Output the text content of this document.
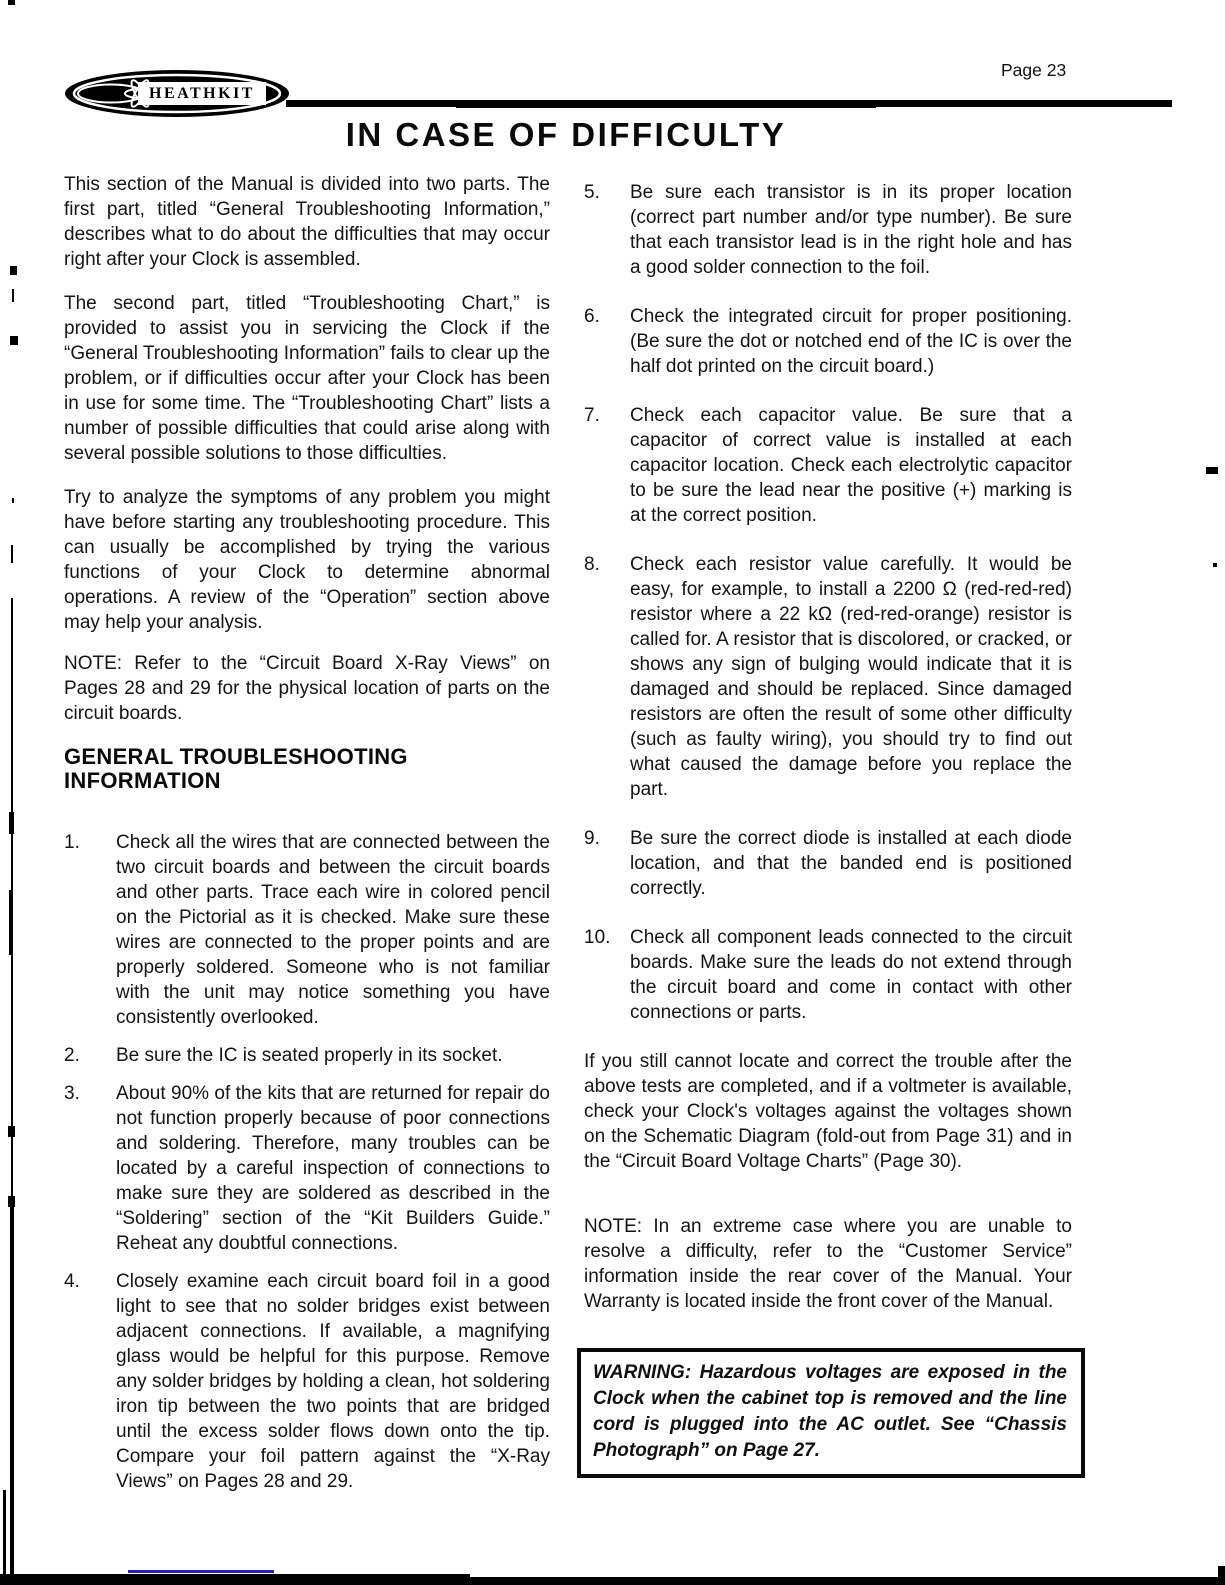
HEATHKIT
Page 23
IN CASE OF DIFFICULTY

This section of the Manual is divided into two parts. The first part, titled “General Troubleshooting Information,” describes what to do about the difficulties that may occur right after your Clock is assembled.

The second part, titled “Troubleshooting Chart,” is provided to assist you in servicing the Clock if the “General Troubleshooting Information” fails to clear up the problem, or if difficulties occur after your Clock has been in use for some time. The “Troubleshooting Chart” lists a number of possible difficulties that could arise along with several possible solutions to those difficulties.

Try to analyze the symptoms of any problem you might have before starting any troubleshooting procedure. This can usually be accomplished by trying the various functions of your Clock to determine abnormal operations. A review of the “Operation” section above may help your analysis.

NOTE: Refer to the “Circuit Board X-Ray Views” on Pages 28 and 29 for the physical location of parts on the circuit boards.

GENERAL TROUBLESHOOTING INFORMATION
1.	Check all the wires that are connected between the two circuit boards and between the circuit boards and other parts. Trace each wire in colored pencil on the Pictorial as it is checked. Make sure these wires are connected to the proper points and are properly soldered. Someone who is not familiar with the unit may notice something you have consistently overlooked.
2.	Be sure the IC is seated properly in its socket.
3.	About 90% of the kits that are returned for repair do not function properly because of poor connections and soldering. Therefore, many troubles can be located by a careful inspection of connections to make sure they are soldered as described in the “Soldering” section of the “Kit Builders Guide.” Reheat any doubtful connections.
4.	Closely examine each circuit board foil in a good light to see that no solder bridges exist between adjacent connections. If available, a magnifying glass would be helpful for this purpose. Remove any solder bridges by holding a clean, hot soldering iron tip between the two points that are bridged until the excess solder flows down onto the tip. Compare your foil pattern against the “X-Ray Views” on Pages 28 and 29.
5.	Be sure each transistor is in its proper location (correct part number and/or type number). Be sure that each transistor lead is in the right hole and has a good solder connection to the foil.
6.	Check the integrated circuit for proper positioning. (Be sure the dot or notched end of the IC is over the half dot printed on the circuit board.)
7.	Check each capacitor value. Be sure that a capacitor of correct value is installed at each capacitor location. Check each electrolytic capacitor to be sure the lead near the positive (+) marking is at the correct position.
8.	Check each resistor value carefully. It would be easy, for example, to install a 2200 Ω (red-red-red) resistor where a 22 kΩ (red-red-orange) resistor is called for. A resistor that is discolored, or cracked, or shows any sign of bulging would indicate that it is damaged and should be replaced. Since damaged resistors are often the result of some other difficulty (such as faulty wiring), you should try to find out what caused the damage before you replace the part.
9.	Be sure the correct diode is installed at each diode location, and that the banded end is positioned correctly.
10.	Check all component leads connected to the circuit boards. Make sure the leads do not extend through the circuit board and come in contact with other connections or parts.

If you still cannot locate and correct the trouble after the above tests are completed, and if a voltmeter is available, check your Clock's voltages against the voltages shown on the Schematic Diagram (fold-out from Page 31) and in the “Circuit Board Voltage Charts” (Page 30).

NOTE: In an extreme case where you are unable to resolve a difficulty, refer to the “Customer Service” information inside the rear cover of the Manual. Your Warranty is located inside the front cover of the Manual.

WARNING: Hazardous voltages are exposed in the Clock when the cabinet top is removed and the line cord is plugged into the AC outlet. See “Chassis Photograph” on Page 27.
